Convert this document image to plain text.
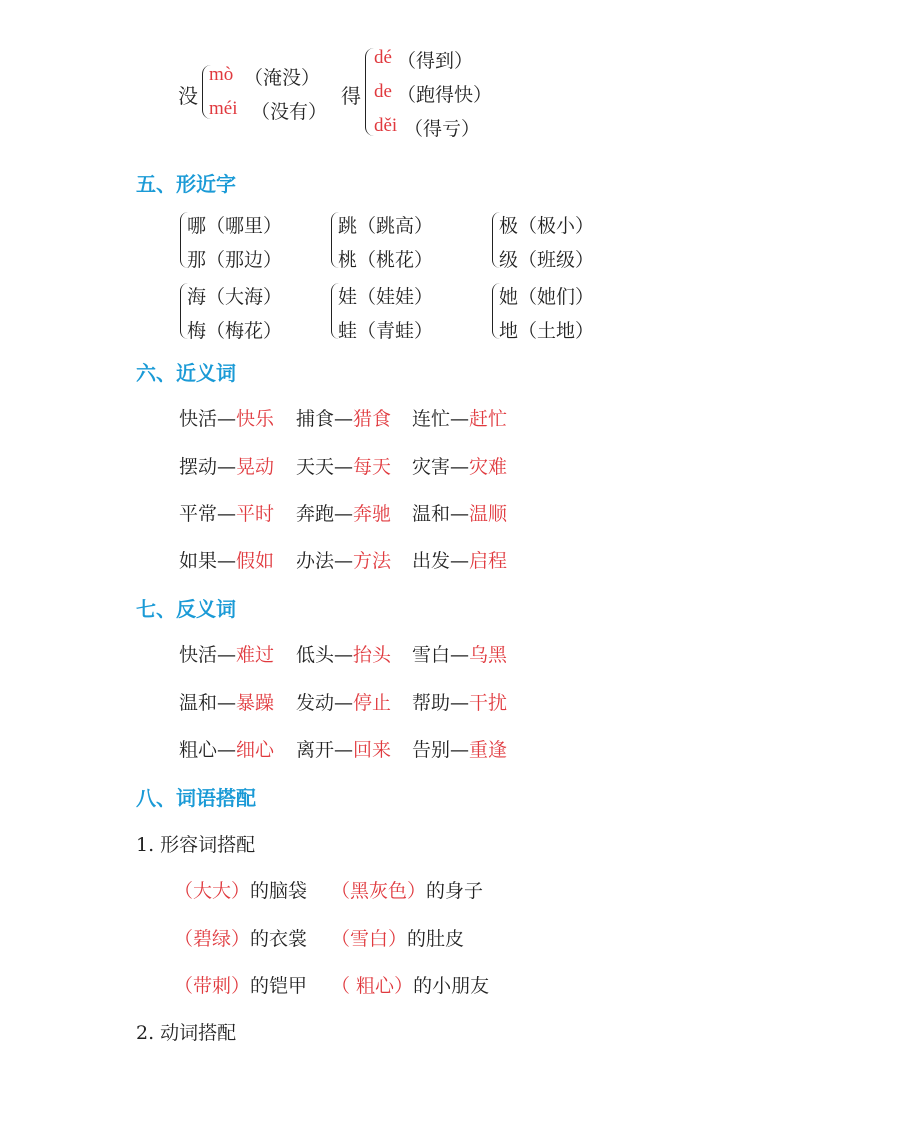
没
mò （淹没）
méi （没有）
得
dé （得到）
de （跑得快）
děi （得亏）
五、形近字
哪（哪里）
那（那边）
跳（跳高）
桃（桃花）
极（极小）
级（班级）
海（大海）
梅（梅花）
娃（娃娃）
蛙（青蛙）
她（她们）
地（土地）
六、近义词
快活—快乐 捕食—猎食 连忙—赶忙
摆动—晃动 天天—每天 灾害—灾难
平常—平时 奔跑—奔驰 温和—温顺
如果—假如 办法—方法 出发—启程
七、反义词
快活—难过 低头—抬头 雪白—乌黑
温和—暴躁 发动—停止 帮助—干扰
粗心—细心 离开—回来 告别—重逢
八、词语搭配
1. 形容词搭配
（大大）的脑袋 （黑灰色）的身子
（碧绿）的衣裳 （雪白）的肚皮
（带刺）的铠甲 （ 粗心）的小朋友
2. 动词搭配
